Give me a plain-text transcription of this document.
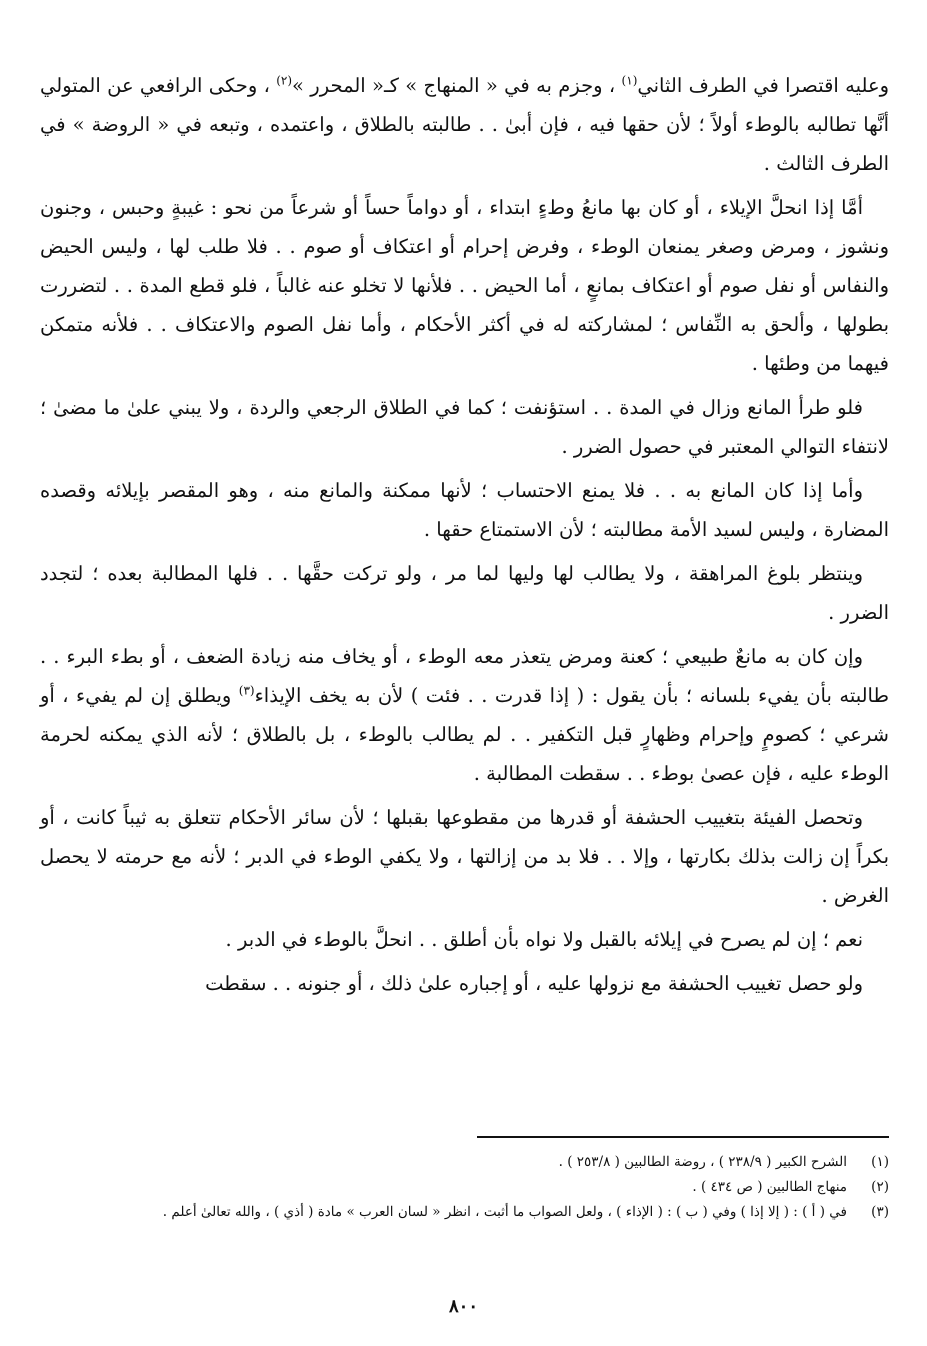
وعليه اقتصرا في الطرف الثاني$^{(١)}$ ، وجزم به في « المنهاج » كـ« المحرر »$^{(٢)}$ ، وحكى الرافعي عن المتولي أنَّها تطالبه بالوطء أولاً ؛ لأن حقها فيه ، فإن أبىٰ . . طالبته بالطلاق ، واعتمده ، وتبعه في « الروضة » في الطرف الثالث .

أمَّا إذا انحلَّ الإيلاء ، أو كان بها مانعُ وطءٍ ابتداء ، أو دواماً حساً أو شرعاً من نحو : غيبةٍ وحبس ، وجنون ونشوز ، ومرض وصغر يمنعان الوطء ، وفرض إحرام أو اعتكاف أو صوم . . فلا طلب لها ، وليس الحيض والنفاس أو نفل صوم أو اعتكاف بمانعٍ ، أما الحيض . . فلأنها لا تخلو عنه غالباً ، فلو قطع المدة . . لتضررت بطولها ، وألحق به النِّفاس ؛ لمشاركته له في أكثر الأحكام ، وأما نفل الصوم والاعتكاف . . فلأنه متمكن فيهما من وطئها .

فلو طرأ المانع وزال في المدة . . استؤنفت ؛ كما في الطلاق الرجعي والردة ، ولا يبني علىٰ ما مضىٰ ؛ لانتفاء التوالي المعتبر في حصول الضرر .

وأما إذا كان المانع به . . فلا يمنع الاحتساب ؛ لأنها ممكنة والمانع منه ، وهو المقصر بإيلائه وقصده المضارة ، وليس لسيد الأمة مطالبته ؛ لأن الاستمتاع حقها .

وينتظر بلوغ المراهقة ، ولا يطالب لها وليها لما مر ، ولو تركت حقَّها . . فلها المطالبة بعده ؛ لتجدد الضرر .

وإن كان به مانعٌ طبيعي ؛ كعنة ومرض يتعذر معه الوطء ، أو يخاف منه زيادة الضعف ، أو بطء البرء . . طالبته بأن يفيء بلسانه ؛ بأن يقول : ( إذا قدرت . . فئت ) لأن به يخف الإيذاء$^{(٣)}$ ويطلق إن لم يفيء ، أو شرعي ؛ كصومٍ وإحرام وظهارٍ قبل التكفير . . لم يطالب بالوطء ، بل بالطلاق ؛ لأنه الذي يمكنه لحرمة الوطء عليه ، فإن عصىٰ بوطء . . سقطت المطالبة .

وتحصل الفيئة بتغييب الحشفة أو قدرها من مقطوعها بقبلها ؛ لأن سائر الأحكام تتعلق به ثيباً كانت ، أو بكراً إن زالت بذلك بكارتها ، وإلا . . فلا بد من إزالتها ، ولا يكفي الوطء في الدبر ؛ لأنه مع حرمته لا يحصل الغرض .

نعم ؛ إن لم يصرح في إيلائه بالقبل ولا نواه بأن أطلق . . انحلَّ بالوطء في الدبر .

ولو حصل تغييب الحشفة مع نزولها عليه ، أو إجباره علىٰ ذلك ، أو جنونه . . سقطت

(١)
الشرح الكبير ( ٢٣٨/٩ ) ، روضة الطالبين ( ٢٥٣/٨ ) .
(٢)
منهاج الطالبين ( ص ٤٣٤ ) .
(٣)
في ( أ ) : ( إلا إذا ) وفي ( ب ) : ( الإذاء ) ، ولعل الصواب ما أثبت ، انظر « لسان العرب » مادة ( أذي ) ، والله تعالىٰ أعلم .
٨٠٠
